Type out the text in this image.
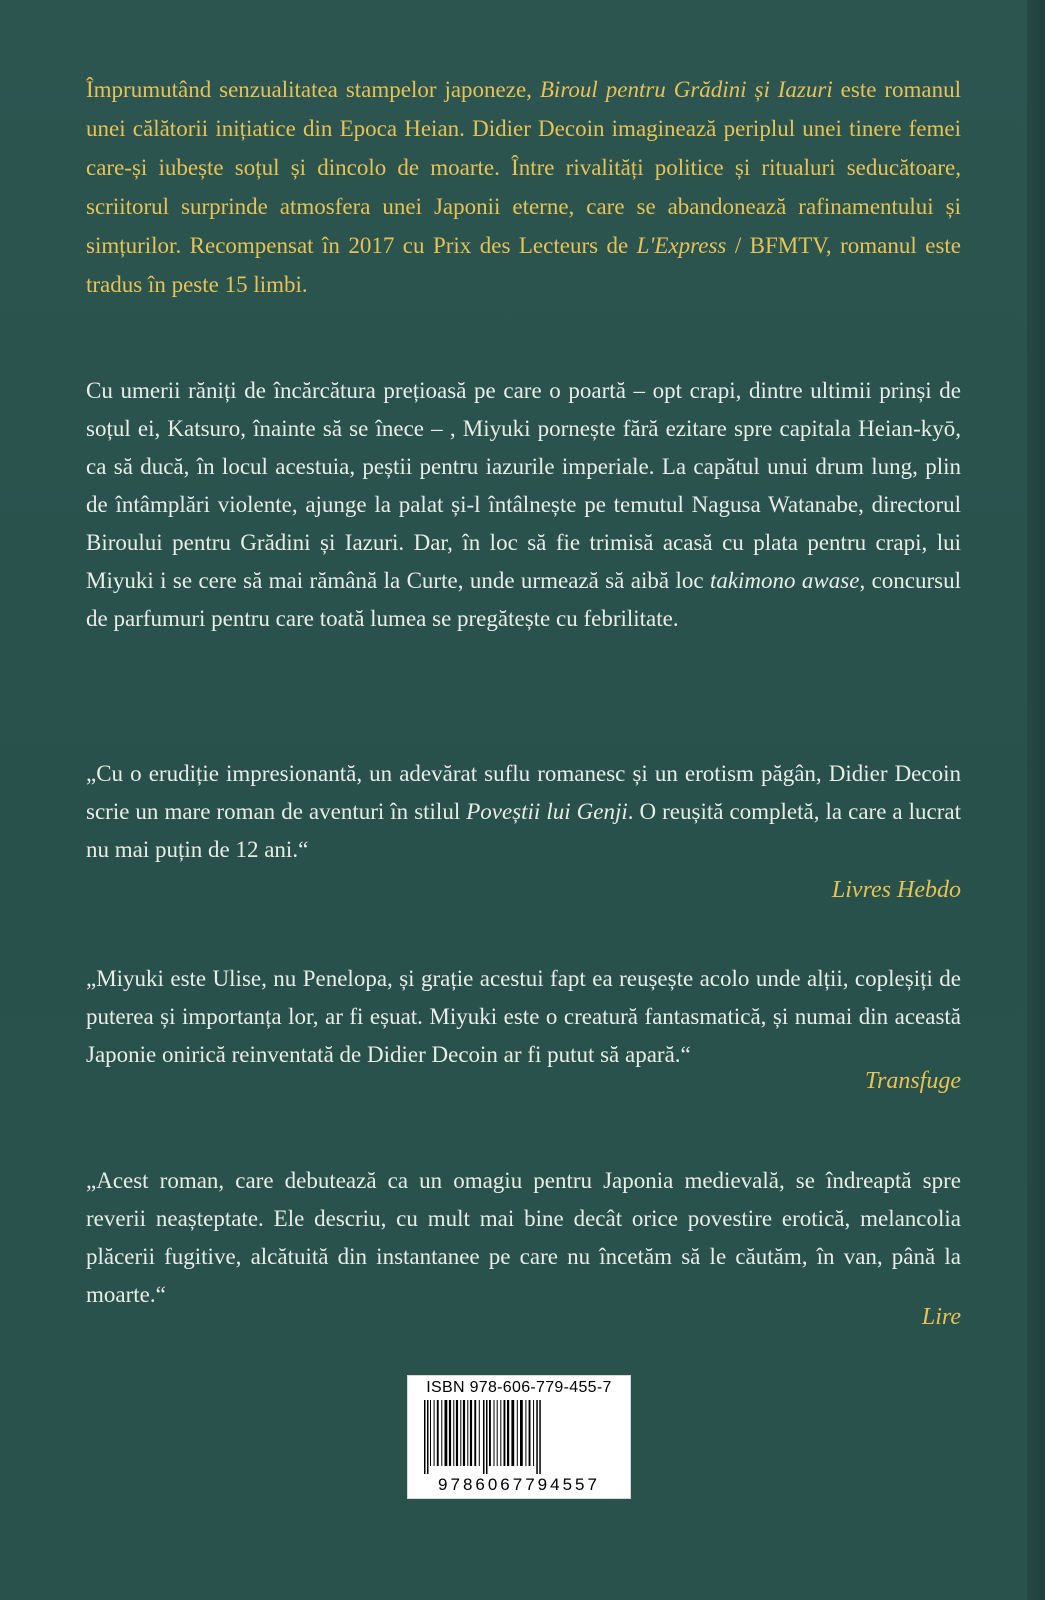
Împrumutând senzualitatea stampelor japoneze, Biroul pentru Grădini și Iazuri este romanul unei călătorii inițiatice din Epoca Heian. Didier Decoin imaginează periplul unei tinere femei care-și iubește soțul și dincolo de moarte. Între rivalități politice și ritualuri seducătoare, scriitorul surprinde atmosfera unei Japonii eterne, care se abandonează rafinamentului și simțurilor. Recompensat în 2017 cu Prix des Lecteurs de L'Express / BFMTV, romanul este tradus în peste 15 limbi.
Cu umerii răniți de încărcătura prețioasă pe care o poartă – opt crapi, dintre ultimii prinși de soțul ei, Katsuro, înainte să se înece – , Miyuki pornește fără ezitare spre capitala Heian-kyō, ca să ducă, în locul acestuia, peștii pentru iazurile imperiale. La capătul unui drum lung, plin de întâmplări violente, ajunge la palat și-l întâlnește pe temutul Nagusa Watanabe, directorul Biroului pentru Grădini și Iazuri. Dar, în loc să fie trimisă acasă cu plata pentru crapi, lui Miyuki i se cere să mai rămână la Curte, unde urmează să aibă loc takimono awase, concursul de parfumuri pentru care toată lumea se pregătește cu febrilitate.
„Cu o erudiție impresionantă, un adevărat suflu romanesc și un erotism păgân, Didier Decoin scrie un mare roman de aventuri în stilul Poveștii lui Genji. O reușită completă, la care a lucrat nu mai puțin de 12 ani.“
Livres Hebdo
„Miyuki este Ulise, nu Penelopa, și grație acestui fapt ea reușește acolo unde alții, copleșiți de puterea și importanța lor, ar fi eșuat. Miyuki este o creatură fantasmatică, și numai din această Japonie onirică reinventată de Didier Decoin ar fi putut să apară.“
Transfuge
„Acest roman, care debutează ca un omagiu pentru Japonia medievală, se îndreaptă spre reverii neașteptate. Ele descriu, cu mult mai bine decât orice povestire erotică, melancolia plăcerii fugitive, alcătuită din instantanee pe care nu încetăm să le căutăm, în van, până la moarte.“
Lire
ISBN 978-606-779-455-7
9786067794557
